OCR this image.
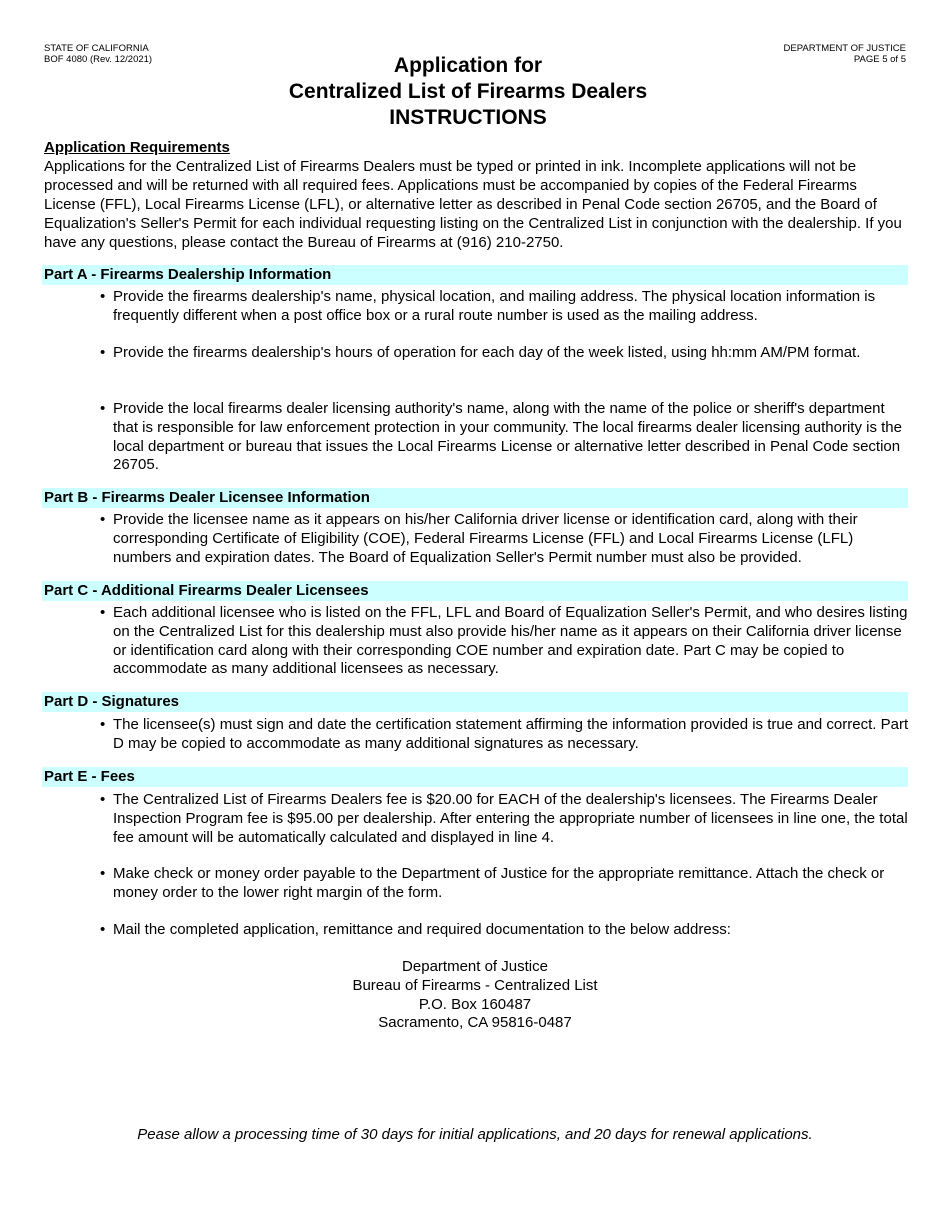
STATE OF CALIFORNIA
BOF 4080 (Rev. 12/2021)
DEPARTMENT OF JUSTICE
PAGE 5 of 5
Application for
Centralized List of Firearms Dealers
INSTRUCTIONS
Application Requirements
Applications for the Centralized List of Firearms Dealers must be typed or printed in ink. Incomplete applications will not be processed and will be returned with all required fees. Applications must be accompanied by copies of the Federal Firearms License (FFL), Local Firearms License (LFL), or alternative letter as described in Penal Code section 26705, and the Board of Equalization's Seller's Permit for each individual requesting listing on the Centralized List in conjunction with the dealership. If you have any questions, please contact the Bureau of Firearms at (916) 210-2750.
Part A - Firearms Dealership Information
• Provide the firearms dealership's name, physical location, and mailing address. The physical location information is frequently different when a post office box or a rural route number is used as the mailing address.
• Provide the firearms dealership's hours of operation for each day of the week listed, using hh:mm AM/PM format.
• Provide the local firearms dealer licensing authority's name, along with the name of the police or sheriff's department that is responsible for law enforcement protection in your community. The local firearms dealer licensing authority is the local department or bureau that issues the Local Firearms License or alternative letter described in Penal Code section 26705.
Part B - Firearms Dealer Licensee Information
• Provide the licensee name as it appears on his/her California driver license or identification card, along with their corresponding Certificate of Eligibility (COE), Federal Firearms License (FFL) and Local Firearms License (LFL) numbers and expiration dates. The Board of Equalization Seller's Permit number must also be provided.
Part C - Additional Firearms Dealer Licensees
• Each additional licensee who is listed on the FFL, LFL and Board of Equalization Seller's Permit, and who desires listing on the Centralized List for this dealership must also provide his/her name as it appears on their California driver license or identification card along with their corresponding COE number and expiration date. Part C may be copied to accommodate as many additional licensees as necessary.
Part D - Signatures
• The licensee(s) must sign and date the certification statement affirming the information provided is true and correct. Part D may be copied to accommodate as many additional signatures as necessary.
Part E - Fees
• The Centralized List of Firearms Dealers fee is $20.00 for EACH of the dealership's licensees. The Firearms Dealer Inspection Program fee is $95.00 per dealership. After entering the appropriate number of licensees in line one, the total fee amount will be automatically calculated and displayed in line 4.
• Make check or money order payable to the Department of Justice for the appropriate remittance. Attach the check or money order to the lower right margin of the form.
• Mail the completed application, remittance and required documentation to the below address:
Department of Justice
Bureau of Firearms - Centralized List
P.O. Box 160487
Sacramento, CA 95816-0487
Pease allow a processing time of 30 days for initial applications, and 20 days for renewal applications.
